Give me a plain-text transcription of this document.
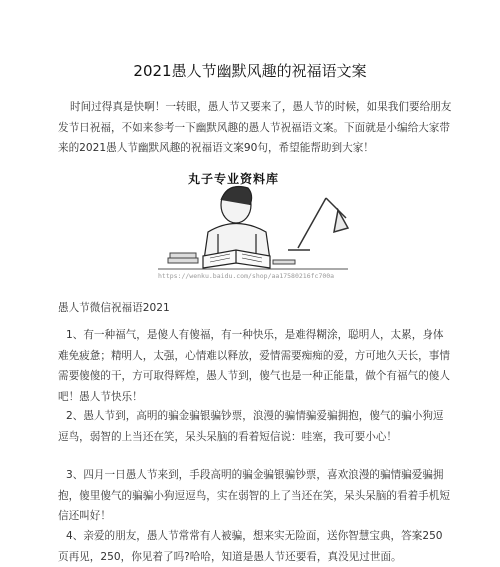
2021愚人节幽默风趣的祝福语文案

时间过得真是快啊！一转眼，愚人节又要来了，愚人节的时候，如果我们要给朋友发节日祝福，不如来参考一下幽默风趣的愚人节祝福语文案。下面就是小编给大家带来的2021愚人节幽默风趣的祝福语文案90句，希望能帮助到大家！

丸子专业资料库
https://wenku.baidu.com/shop/aa17580216fc700a

愚人节微信祝福语2021

1、有一种福气，是傻人有傻福，有一种快乐，是难得糊涂，聪明人，太累，身体难免疲惫；精明人，太强，心情难以释放，爱情需要痴痴的爱，方可地久天长，事情需要傻傻的干，方可取得辉煌，愚人节到，傻气也是一种正能量，做个有福气的傻人吧！愚人节快乐！

2、愚人节到，高明的骗金骗银骗钞票，浪漫的骗情骗爱骗拥抱，傻气的骗小狗逗逗鸟，弱智的上当还在笑，呆头呆脑的看着短信说：哇塞，我可要小心！

3、四月一日愚人节来到，手段高明的骗金骗银骗钞票，喜欢浪漫的骗情骗爱骗拥抱，傻里傻气的骗骗小狗逗逗鸟，实在弱智的上了当还在笑，呆头呆脑的看着手机短信还叫好！

4、亲爱的朋友，愚人节常常有人被骗，想来实无险面，送你智慧宝典，答案250页再见，250，你见着了吗?哈哈，知道是愚人节还要看，真没见过世面。
